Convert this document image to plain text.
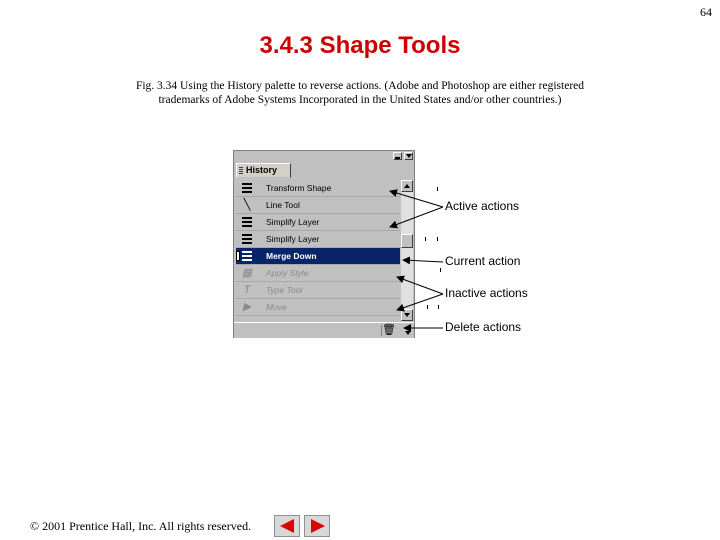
64
3.4.3 Shape Tools
Fig. 3.34 Using the History palette to reverse actions. (Adobe and Photoshop are either registered trademarks of Adobe Systems Incorporated in the United States and/or other countries.)
History
Transform Shape
╲	Line Tool
Simplify Layer
Simplify Layer
Merge Down
▦ Apply Style
T	Type Tool
▶	Move
🗑
Active actions
Current action
Inactive actions
Delete actions
© 2001 Prentice Hall, Inc. All rights reserved.
